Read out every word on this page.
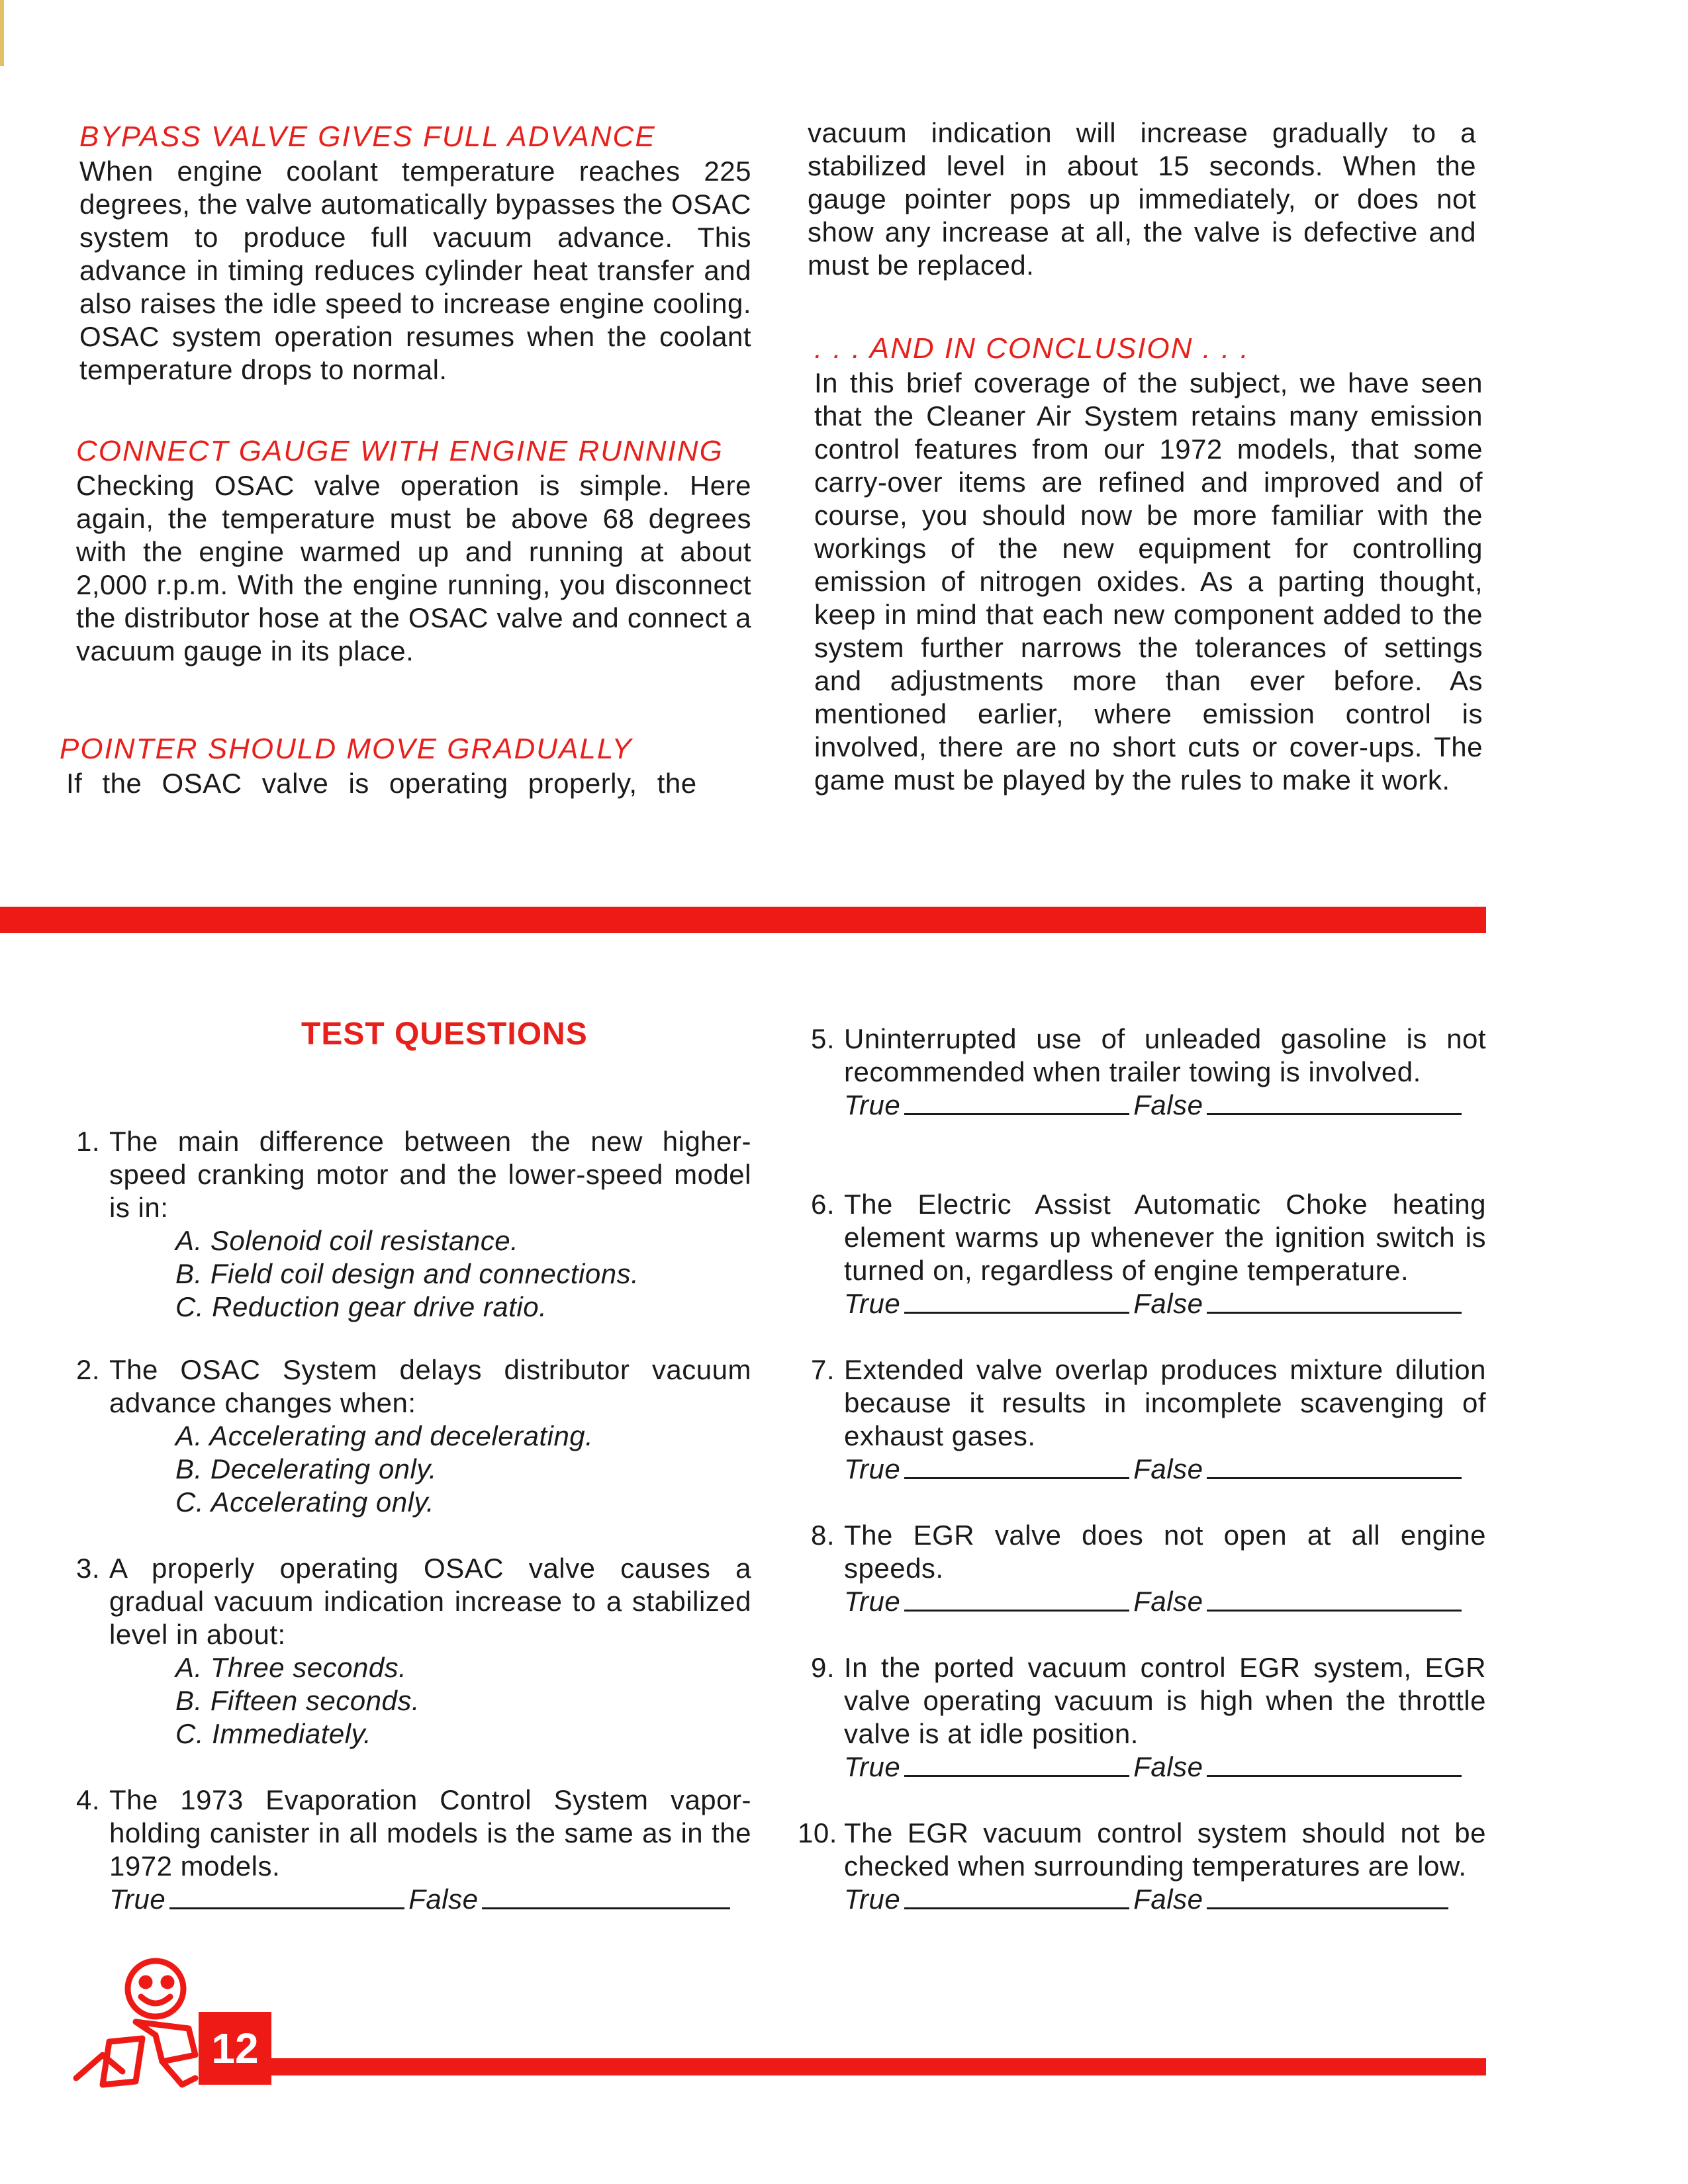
BYPASS VALVE GIVES FULL ADVANCE

When engine coolant temperature reaches 225 degrees, the valve automatically bypasses the OSAC system to produce full vacuum advance. This advance in timing reduces cylinder heat transfer and also raises the idle speed to increase engine cooling. OSAC system operation resumes when the coolant temperature drops to normal.

CONNECT GAUGE WITH ENGINE RUNNING

Checking OSAC valve operation is simple. Here again, the temperature must be above 68 degrees with the engine warmed up and running at about 2,000 r.p.m. With the engine running, you disconnect the distributor hose at the OSAC valve and connect a vacuum gauge in its place.

POINTER SHOULD MOVE GRADUALLY

If the OSAC valve is operating properly, the

vacuum indication will increase gradually to a stabilized level in about 15 seconds. When the gauge pointer pops up immediately, or does not show any increase at all, the valve is defective and must be replaced.

. . . AND IN CONCLUSION . . .

In this brief coverage of the subject, we have seen that the Cleaner Air System retains many emission control features from our 1972 models, that some carry-over items are refined and improved and of course, you should now be more familiar with the workings of the new equipment for controlling emission of nitrogen oxides. As a parting thought, keep in mind that each new component added to the system further narrows the tolerances of settings and adjustments more than ever before. As mentioned earlier, where emission control is involved, there are no short cuts or cover-ups. The game must be played by the rules to make it work.

TEST QUESTIONS

1. The main difference between the new higher-speed cranking motor and the lower-speed model is in:
A. Solenoid coil resistance.
B. Field coil design and connections.
C. Reduction gear drive ratio.
2. The OSAC System delays distributor vacuum advance changes when:
A. Accelerating and decelerating.
B. Decelerating only.
C. Accelerating only.
3. A properly operating OSAC valve causes a gradual vacuum indication increase to a stabilized level in about:
A. Three seconds.
B. Fifteen seconds.
C. Immediately.
4. The 1973 Evaporation Control System vapor-holding canister in all models is the same as in the 1972 models.
True	False
5. Uninterrupted use of unleaded gasoline is not recommended when trailer towing is involved.
True	False
6. The Electric Assist Automatic Choke heating element warms up whenever the ignition switch is turned on, regardless of engine temperature.
True	False
7. Extended valve overlap produces mixture dilution because it results in incomplete scavenging of exhaust gases.
True	False
8. The EGR valve does not open at all engine speeds.
True	False
9. In the ported vacuum control EGR system, EGR valve operating vacuum is high when the throttle valve is at idle position.
True	False
10. The EGR vacuum control system should not be checked when surrounding temperatures are low.
True	False
12
